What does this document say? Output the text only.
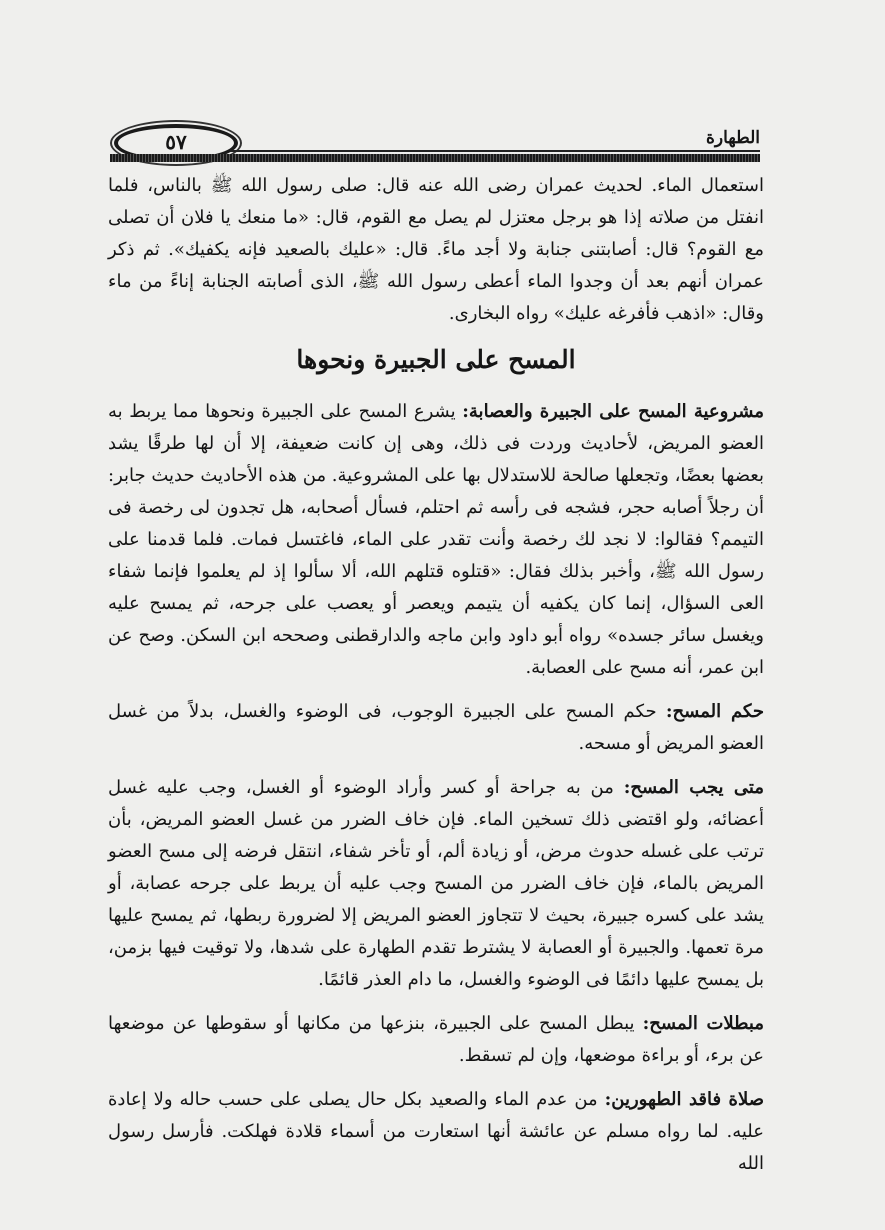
الطهارة
٥٧

استعمال الماء. لحديث عمران رضى الله عنه قال: صلى رسول الله ﷺ بالناس، فلما انفتل من صلاته إذا هو برجل معتزل لم يصل مع القوم، قال: «ما منعك يا فلان أن تصلى مع القوم؟ قال: أصابتنى جنابة ولا أجد ماءً. قال: «عليك بالصعيد فإنه يكفيك». ثم ذكر عمران أنهم بعد أن وجدوا الماء أعطى رسول الله ﷺ، الذى أصابته الجنابة إناءً من ماء وقال: «اذهب فأفرغه عليك» رواه البخارى.

المسح على الجبيرة ونحوها

مشروعية المسح على الجبيرة والعصابة: يشرع المسح على الجبيرة ونحوها مما يربط به العضو المريض، لأحاديث وردت فى ذلك، وهى إن كانت ضعيفة، إلا أن لها طرقًا يشد بعضها بعضًا، وتجعلها صالحة للاستدلال بها على المشروعية. من هذه الأحاديث حديث جابر: أن رجلاً أصابه حجر، فشجه فى رأسه ثم احتلم، فسأل أصحابه، هل تجدون لى رخصة فى التيمم؟ فقالوا: لا نجد لك رخصة وأنت تقدر على الماء، فاغتسل فمات. فلما قدمنا على رسول الله ﷺ، وأخبر بذلك فقال: «قتلوه قتلهم الله، ألا سألوا إذ لم يعلموا فإنما شفاء العى السؤال، إنما كان يكفيه أن يتيمم ويعصر أو يعصب على جرحه، ثم يمسح عليه ويغسل سائر جسده» رواه أبو داود وابن ماجه والدارقطنى وصححه ابن السكن. وصح عن ابن عمر، أنه مسح على العصابة.

حكم المسح: حكم المسح على الجبيرة الوجوب، فى الوضوء والغسل، بدلاً من غسل العضو المريض أو مسحه.

متى يجب المسح: من به جراحة أو كسر وأراد الوضوء أو الغسل، وجب عليه غسل أعضائه، ولو اقتضى ذلك تسخين الماء. فإن خاف الضرر من غسل العضو المريض، بأن ترتب على غسله حدوث مرض، أو زيادة ألم، أو تأخر شفاء، انتقل فرضه إلى مسح العضو المريض بالماء، فإن خاف الضرر من المسح وجب عليه أن يربط على جرحه عصابة، أو يشد على كسره جبيرة، بحيث لا تتجاوز العضو المريض إلا لضرورة ربطها، ثم يمسح عليها مرة تعمها. والجبيرة أو العصابة لا يشترط تقدم الطهارة على شدها، ولا توقيت فيها بزمن، بل يمسح عليها دائمًا فى الوضوء والغسل، ما دام العذر قائمًا.

مبطلات المسح: يبطل المسح على الجبيرة، بنزعها من مكانها أو سقوطها عن موضعها عن برء، أو براءة موضعها، وإن لم تسقط.

صلاة فاقد الطهورين: من عدم الماء والصعيد بكل حال يصلى على حسب حاله ولا إعادة عليه. لما رواه مسلم عن عائشة أنها استعارت من أسماء قلادة فهلكت. فأرسل رسول الله
